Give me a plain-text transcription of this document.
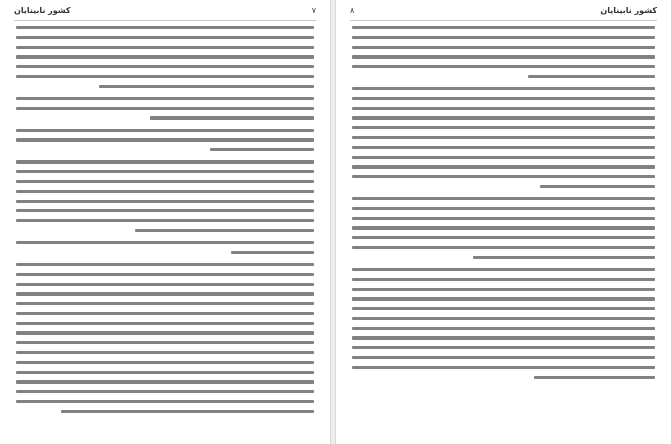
کشور نابینایان	۷	کشور نابینایان
۸
